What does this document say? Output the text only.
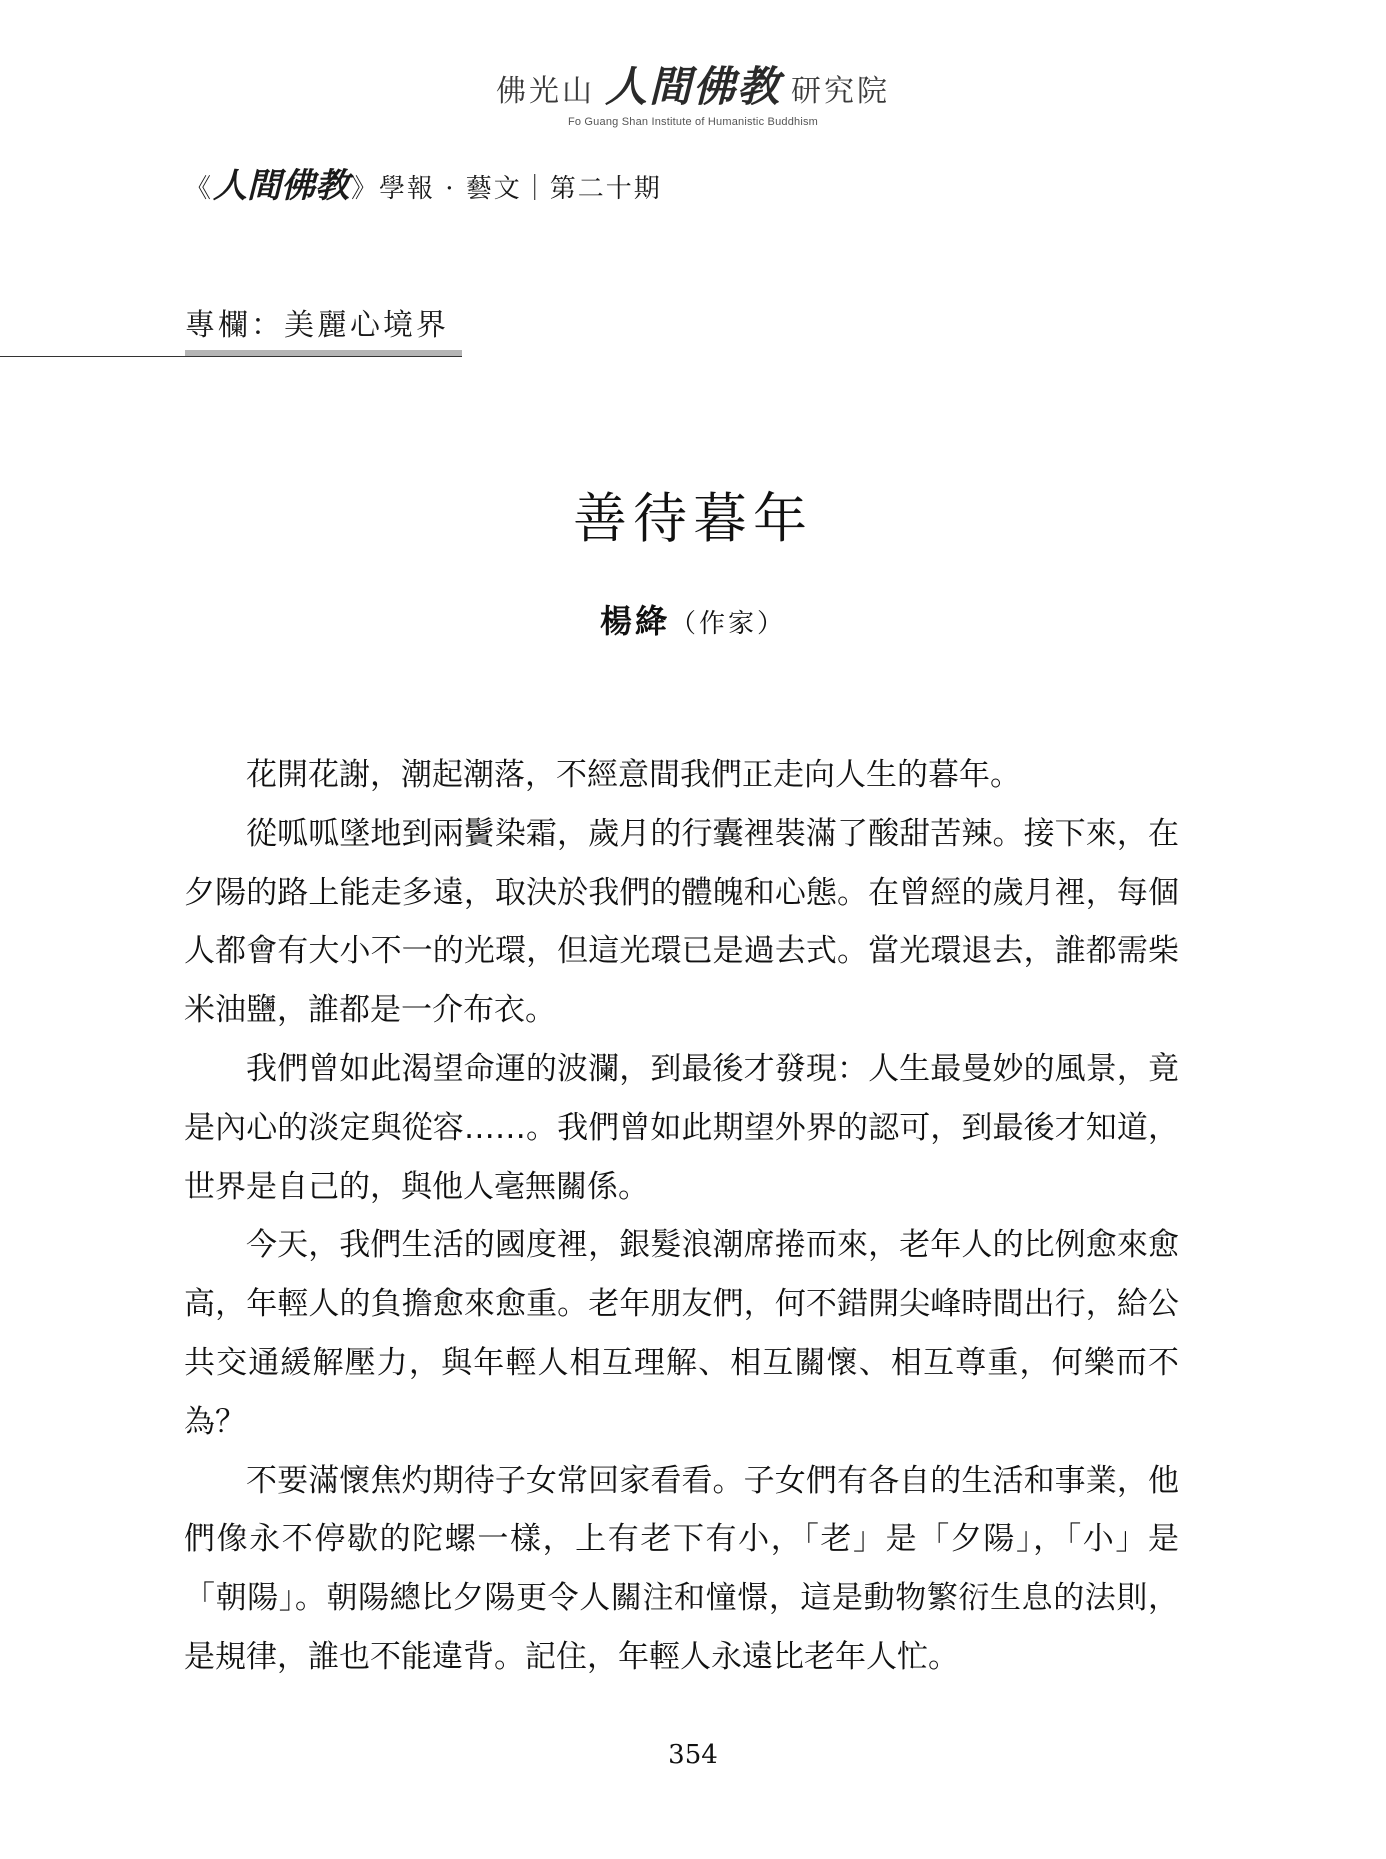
佛光山 人間佛教 研究院
Fo Guang Shan Institute of Humanistic Buddhism
《 人間佛教 》學報 · 藝文｜第二十期
專欄：美麗心境界
善待暮年
楊絳（作家）

花開花謝，潮起潮落，不經意間我們正走向人生的暮年。

從呱呱墜地到兩鬢染霜，歲月的行囊裡裝滿了酸甜苦辣。接下來，在夕陽的路上能走多遠，取決於我們的體魄和心態。在曾經的歲月裡，每個人都會有大小不一的光環，但這光環已是過去式。當光環退去，誰都需柴米油鹽，誰都是一介布衣。

我們曾如此渴望命運的波瀾，到最後才發現：人生最曼妙的風景，竟是內心的淡定與從容……。我們曾如此期望外界的認可，到最後才知道，世界是自己的，與他人毫無關係。

今天，我們生活的國度裡，銀髮浪潮席捲而來，老年人的比例愈來愈高，年輕人的負擔愈來愈重。老年朋友們，何不錯開尖峰時間出行，給公共交通緩解壓力，與年輕人相互理解、相互關懷、相互尊重，何樂而不為？

不要滿懷焦灼期待子女常回家看看。子女們有各自的生活和事業，他們像永不停歇的陀螺一樣，上有老下有小，「老」是「夕陽」，「小」是「朝陽」。朝陽總比夕陽更令人關注和憧憬，這是動物繁衍生息的法則，是規律，誰也不能違背。記住，年輕人永遠比老年人忙。

354
